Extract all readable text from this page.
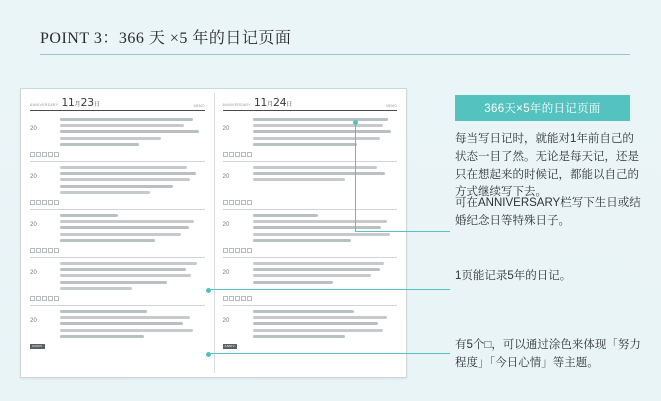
POINT 3：366 天 ×5 年的日记页面
ANNIVERSARY 11月23日	MEMO
20
20
20
20
20
ANNIV.
ANNIVERSARY 11月24日	MEMO
20
20
20
20
20
ANNIV.
366天×5年的日记页面
每当写日记时，就能对1年前自己的状态一目了然。无论是每天记，还是只在想起来的时候记，都能以自己的方式继续写下去。
可在ANNIVERSARY栏写下生日或结婚纪念日等特殊日子。
1页能记录5年的日记。
有5个□，可以通过涂色来体现「努力程度」「今日心情」等主题。
